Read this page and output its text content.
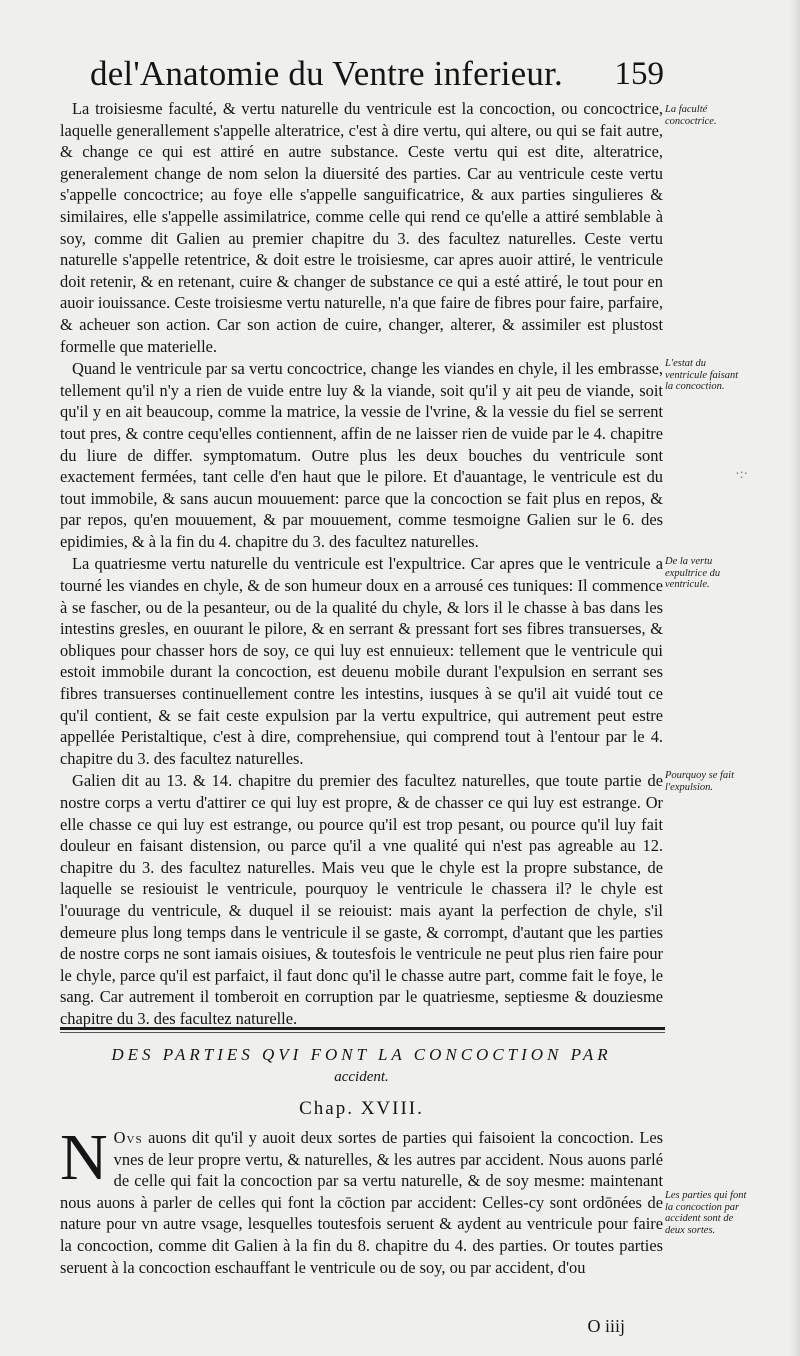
del'Anatomie du Ventre inferieur. 159

La troisiesme faculté, & vertu naturelle du ventricule est la concoction, ou concoctrice, laquelle generallement s'appelle alteratrice, c'est à dire vertu, qui altere, ou qui se fait autre, & change ce qui est attiré en autre substance. Ceste vertu qui est dite, alteratrice, generalement change de nom selon la diuersité des parties. Car au ventricule ceste vertu s'appelle concoctrice; au foye elle s'appelle sanguificatrice, & aux parties singulieres & similaires, elle s'appelle assimilatrice, comme celle qui rend ce qu'elle a attiré semblable à soy, comme dit Galien au premier chapitre du 3. des facultez naturelles. Ceste vertu naturelle s'appelle retentrice, & doit estre le troisiesme, car apres auoir attiré, le ventricule doit retenir, & en retenant, cuire & changer de substance ce qui a esté attiré, le tout pour en auoir iouissance. Ceste troisiesme vertu naturelle, n'a que faire de fibres pour faire, parfaire, & acheuer son action. Car son action de cuire, changer, alterer, & assimiler est plustost formelle que materielle.

Quand le ventricule par sa vertu concoctrice, change les viandes en chyle, il les embrasse, tellement qu'il n'y a rien de vuide entre luy & la viande, soit qu'il y ait peu de viande, soit qu'il y en ait beaucoup, comme la matrice, la vessie de l'vrine, & la vessie du fiel se serrent tout pres, & contre cequ'elles contiennent, affin de ne laisser rien de vuide par le 4. chapitre du liure de differ. symptomatum. Outre plus les deux bouches du ventricule sont exactement fermées, tant celle d'en haut que le pilore. Et d'auantage, le ventricule est du tout immobile, & sans aucun mouuement: parce que la concoction se fait plus en repos, & par repos, qu'en mouuement, & par mouuement, comme tesmoigne Galien sur le 6. des epidimies, & à la fin du 4. chapitre du 3. des facultez naturelles.

La quatriesme vertu naturelle du ventricule est l'expultrice. Car apres que le ventricule a tourné les viandes en chyle, & de son humeur doux en a arrousé ces tuniques: Il commence à se fascher, ou de la pesanteur, ou de la qualité du chyle, & lors il le chasse à bas dans les intestins gresles, en ouurant le pilore, & en serrant & pressant fort ses fibres transuerses, & obliques pour chasser hors de soy, ce qui luy est ennuieux: tellement que le ventricule qui estoit immobile durant la concoction, est deuenu mobile durant l'expulsion en serrant ses fibres transuerses continuellement contre les intestins, iusques à se qu'il ait vuidé tout ce qu'il contient, & se fait ceste expulsion par la vertu expultrice, qui autrement peut estre appellée Peristaltique, c'est à dire, comprehensiue, qui comprend tout à l'entour par le 4. chapitre du 3. des facultez naturelles.

Galien dit au 13. & 14. chapitre du premier des facultez naturelles, que toute partie de nostre corps a vertu d'attirer ce qui luy est propre, & de chasser ce qui luy est estrange. Or elle chasse ce qui luy est estrange, ou pource qu'il est trop pesant, ou pource qu'il luy fait douleur en faisant distension, ou parce qu'il a vne qualité qui n'est pas agreable au 12. chapitre du 3. des facultez naturelles. Mais veu que le chyle est la propre substance, de laquelle se resiouist le ventricule, pourquoy le ventricule le chassera il? le chyle est l'ouurage du ventricule, & duquel il se reiouist: mais ayant la perfection de chyle, s'il demeure plus long temps dans le ventricule il se gaste, & corrompt, d'autant que les parties de nostre corps ne sont iamais oisiues, & toutesfois le ventricule ne peut plus rien faire pour le chyle, parce qu'il est parfaict, il faut donc qu'il le chasse autre part, comme fait le foye, le sang. Car autrement il tomberoit en corruption par le quatriesme, septiesme & douziesme chapitre du 3. des facultez naturelle.

La faculté concoctrice.
L'estat du ventricule faisant la concoction.
De la vertu expultrice du ventricule.
Pourquoy se fait l'expulsion.
Les parties qui font la concoction par accident sont de deux sortes.
DES PARTIES QVI FONT LA CONCOCTION PAR
accident.
Chap. XVIII.
N Ovs auons dit qu'il y auoit deux sortes de parties qui faisoient la concoction. Les vnes de leur propre vertu, & naturelles, & les autres par accident. Nous auons parlé de celle qui fait la concoction par sa vertu naturelle, & de soy mesme: maintenant nous auons à parler de celles qui font la cōction par accident: Celles-cy sont ordōnées de nature pour vn autre vsage, lesquelles toutesfois seruent & aydent au ventricule pour faire la concoction, comme dit Galien à la fin du 8. chapitre du 4. des parties. Or toutes parties seruent à la concoction eschauffant le ventricule ou de soy, ou par accident, d'ou

O iiij
·:·
